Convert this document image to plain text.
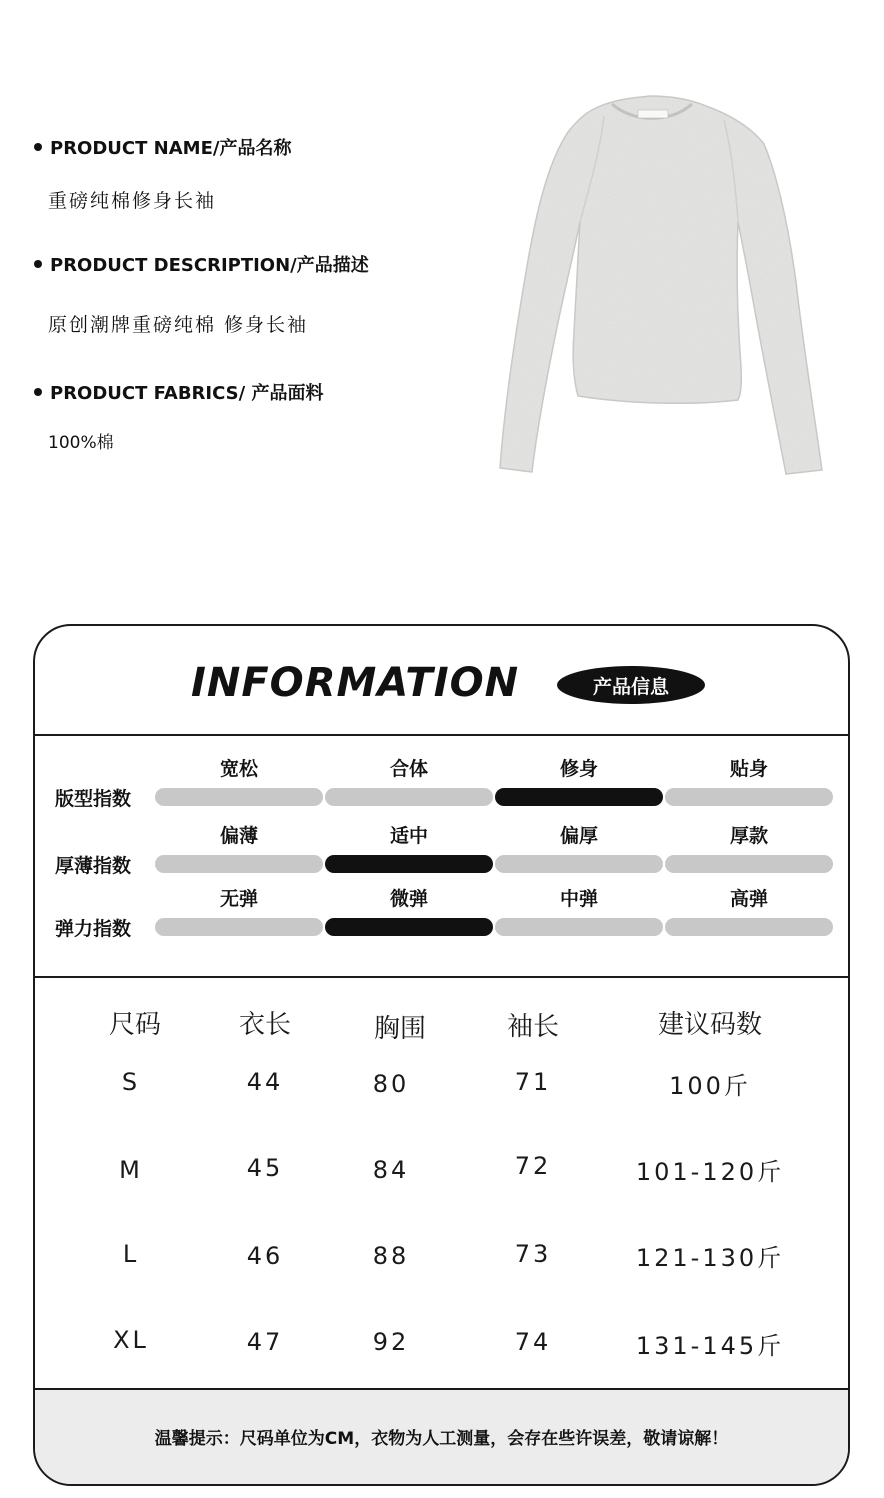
PRODUCT NAME/产品名称
重磅纯棉修身长袖
PRODUCT DESCRIPTION/产品描述
原创潮牌重磅纯棉 修身长袖
PRODUCT FABRICS/ 产品面料
100%棉
INFORMATION	产品信息
版型指数
宽松	合体	修身	贴身
厚薄指数
偏薄	适中	偏厚	厚款
弹力指数
无弹	微弹	中弹	高弹
尺码	衣长	胸围	袖长	建议码数
S	44	80	71	100斤
M	45	84	72	101-120斤
L	46	88	73	121-130斤
XL	47	92	74	131-145斤
温馨提示：尺码单位为CM，衣物为人工测量，会存在些许误差，敬请谅解！
